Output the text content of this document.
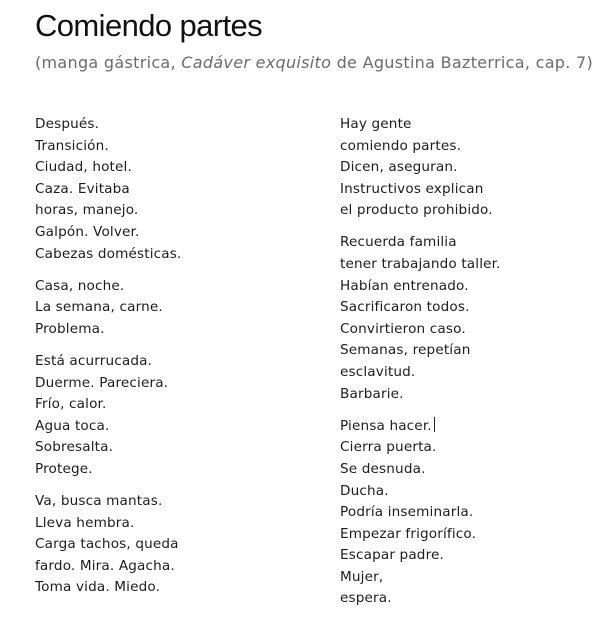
Comiendo partes

(manga gástrica, Cadáver exquisito de Agustina Bazterrica, cap. 7)

Después.
Transición.
Ciudad, hotel.
Caza. Evitaba
horas, manejo.
Galpón. Volver.
Cabezas domésticas.
Casa, noche.
La semana, carne.
Problema.
Está acurrucada.
Duerme. Pareciera.
Frío, calor.
Agua toca.
Sobresalta.
Protege.
Va, busca mantas.
Lleva hembra.
Carga tachos, queda
fardo. Mira. Agacha.
Toma vida. Miedo.
Hay gente
comiendo partes.
Dicen, aseguran.
Instructivos explican
el producto prohibido.
Recuerda familia
tener trabajando taller.
Habían entrenado.
Sacrificaron todos.
Convirtieron caso.
Semanas, repetían
esclavitud.
Barbarie.
Piensa hacer.
Cierra puerta.
Se desnuda.
Ducha.
Podría inseminarla.
Empezar frigorífico.
Escapar padre.
Mujer,
espera.
